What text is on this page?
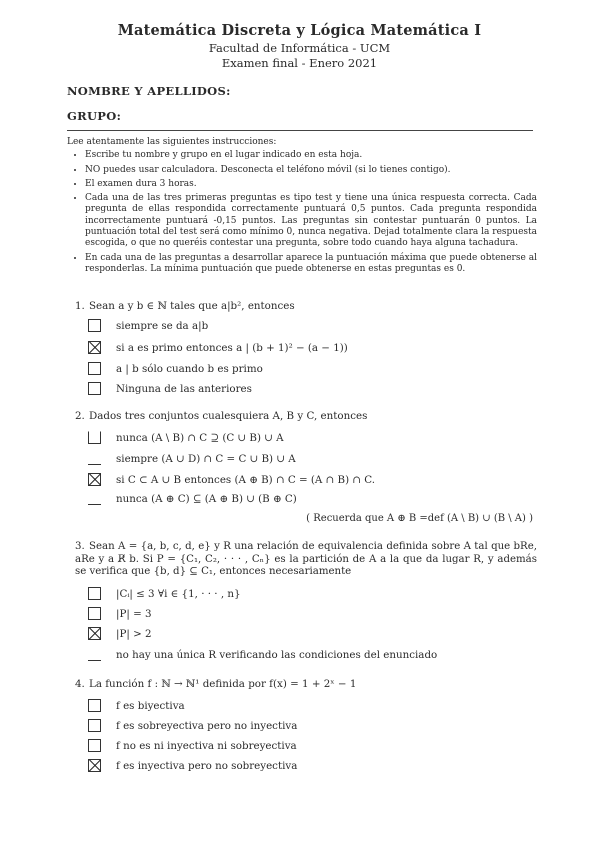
Matemática Discreta y Lógica Matemática I
Facultad de Informática - UCM
Examen final - Enero 2021
NOMBRE Y APELLIDOS:
GRUPO:
Lee atentamente las siguientes instrucciones:
• Escribe tu nombre y grupo en el lugar indicado en esta hoja.
• NO puedes usar calculadora. Desconecta el teléfono móvil (si lo tienes contigo).
• El examen dura 3 horas.
• Cada una de las tres primeras preguntas es tipo test y tiene una única respuesta correcta. Cada pregunta de ellas respondida correctamente puntuará 0,5 puntos. Cada pregunta respondida incorrectamente puntuará -0,15 puntos. Las preguntas sin contestar puntuarán 0 puntos. La puntuación total del test será como mínimo 0, nunca negativa. Dejad totalmente clara la respuesta escogida, o que no queréis contestar una pregunta, sobre todo cuando haya alguna tachadura.
• En cada una de las preguntas a desarrollar aparece la puntuación máxima que puede obtenerse al responderlas. La mínima puntuación que puede obtenerse en estas preguntas es 0.
1. Sean a y b ∈ ℕ tales que a|b², entonces
siempre se da a|b
si a es primo entonces a | (b + 1)² − (a − 1))
a | b sólo cuando b es primo
Ninguna de las anteriores
2. Dados tres conjuntos cualesquiera A, B y C, entonces
nunca (A \ B) ∩ C ⊇ (C ∪ B) ∪ A
siempre (A ∪ D) ∩ C = C ∪ B) ∪ A
si C ⊂ A ∪ B entonces (A ⊕ B) ∩ C = (A ∩ B) ∩ C.
nunca (A ⊕ C) ⊆ (A ⊕ B) ∪ (B ⊕ C)
( Recuerda que A ⊕ B =def (A \ B) ∪ (B \ A) )
3. Sean A = {a, b, c, d, e} y R una relación de equivalencia definida sobre A tal que bRe, aRe y a R̸ b. Si P = {C₁, C₂, · · · , Cₙ} es la partición de A a la que da lugar R, y además se verifica que {b, d} ⊆ C₁, entonces necesariamente
|Cᵢ| ≤ 3 ∀i ∈ {1, · · · , n}
|P| = 3
|P| > 2
no hay una única R verificando las condiciones del enunciado
4. La función f : ℕ → ℕ¹ definida por f(x) = 1 + 2ˣ − 1
f es biyectiva
f es sobreyectiva pero no inyectiva
f no es ni inyectiva ni sobreyectiva
f es inyectiva pero no sobreyectiva
